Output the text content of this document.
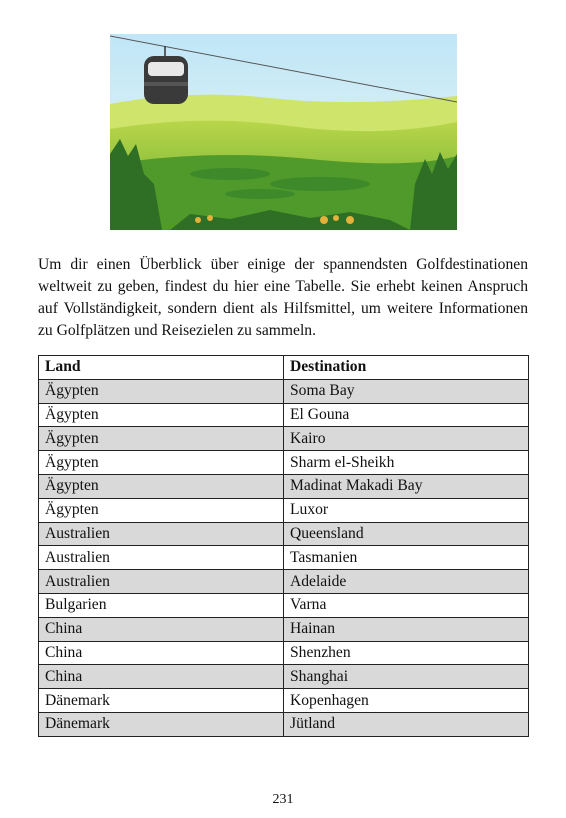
Um dir einen Überblick über einige der spannendsten Golfdestinationen weltweit zu geben, findest du hier eine Tabelle. Sie erhebt keinen Anspruch auf Vollständigkeit, sondern dient als Hilfsmittel, um weitere Informationen zu Golfplätzen und Reisezielen zu sammeln.

Land	Destination
Ägypten	Soma Bay
Ägypten	El Gouna
Ägypten	Kairo
Ägypten	Sharm el-Sheikh
Ägypten	Madinat Makadi Bay
Ägypten	Luxor
Australien	Queensland
Australien	Tasmanien
Australien	Adelaide
Bulgarien	Varna
China	Hainan
China	Shenzhen
China	Shanghai
Dänemark	Kopenhagen
Dänemark	Jütland
231
